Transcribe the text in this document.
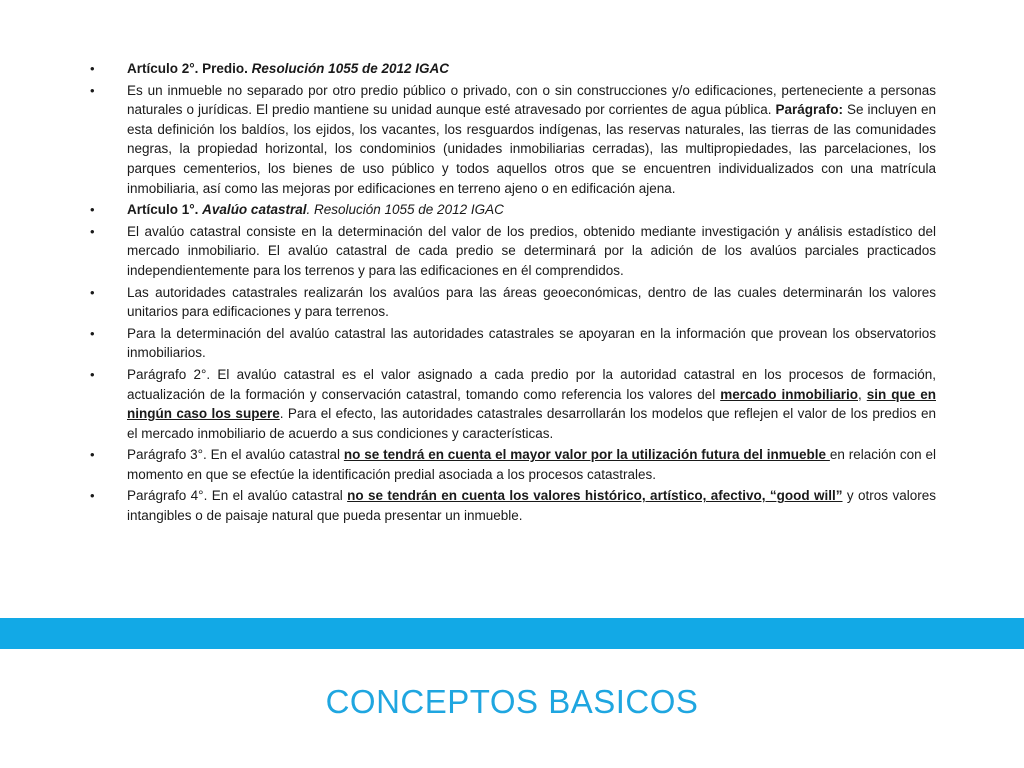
• Artículo 2°. Predio. Resolución 1055 de 2012 IGAC
• Es un inmueble no separado por otro predio público o privado, con o sin construcciones y/o edificaciones, perteneciente a personas naturales o jurídicas. El predio mantiene su unidad aunque esté atravesado por corrientes de agua pública. Parágrafo: Se incluyen en esta definición los baldíos, los ejidos, los vacantes, los resguardos indígenas, las reservas naturales, las tierras de las comunidades negras, la propiedad horizontal, los condominios (unidades inmobiliarias cerradas), las multipropiedades, las parcelaciones, los parques cementerios, los bienes de uso público y todos aquellos otros que se encuentren individualizados con una matrícula inmobiliaria, así como las mejoras por edificaciones en terreno ajeno o en edificación ajena.
• Artículo 1°. Avalúo catastral. Resolución 1055 de 2012 IGAC
• El avalúo catastral consiste en la determinación del valor de los predios, obtenido mediante investigación y análisis estadístico del mercado inmobiliario. El avalúo catastral de cada predio se determinará por la adición de los avalúos parciales practicados independientemente para los terrenos y para las edificaciones en él comprendidos.
• Las autoridades catastrales realizarán los avalúos para las áreas geoeconómicas, dentro de las cuales determinarán los valores unitarios para edificaciones y para terrenos.
• Para la determinación del avalúo catastral las autoridades catastrales se apoyaran en la información que provean los observatorios inmobiliarios.
• Parágrafo 2°. El avalúo catastral es el valor asignado a cada predio por la autoridad catastral en los procesos de formación, actualización de la formación y conservación catastral, tomando como referencia los valores del mercado inmobiliario, sin que en ningún caso los supere. Para el efecto, las autoridades catastrales desarrollarán los modelos que reflejen el valor de los predios en el mercado inmobiliario de acuerdo a sus condiciones y características.
• Parágrafo 3°. En el avalúo catastral no se tendrá en cuenta el mayor valor por la utilización futura del inmueble en relación con el momento en que se efectúe la identificación predial asociada a los procesos catastrales.
• Parágrafo 4°. En el avalúo catastral no se tendrán en cuenta los valores histórico, artístico, afectivo, “good will” y otros valores intangibles o de paisaje natural que pueda presentar un inmueble.
CONCEPTOS BASICOS
